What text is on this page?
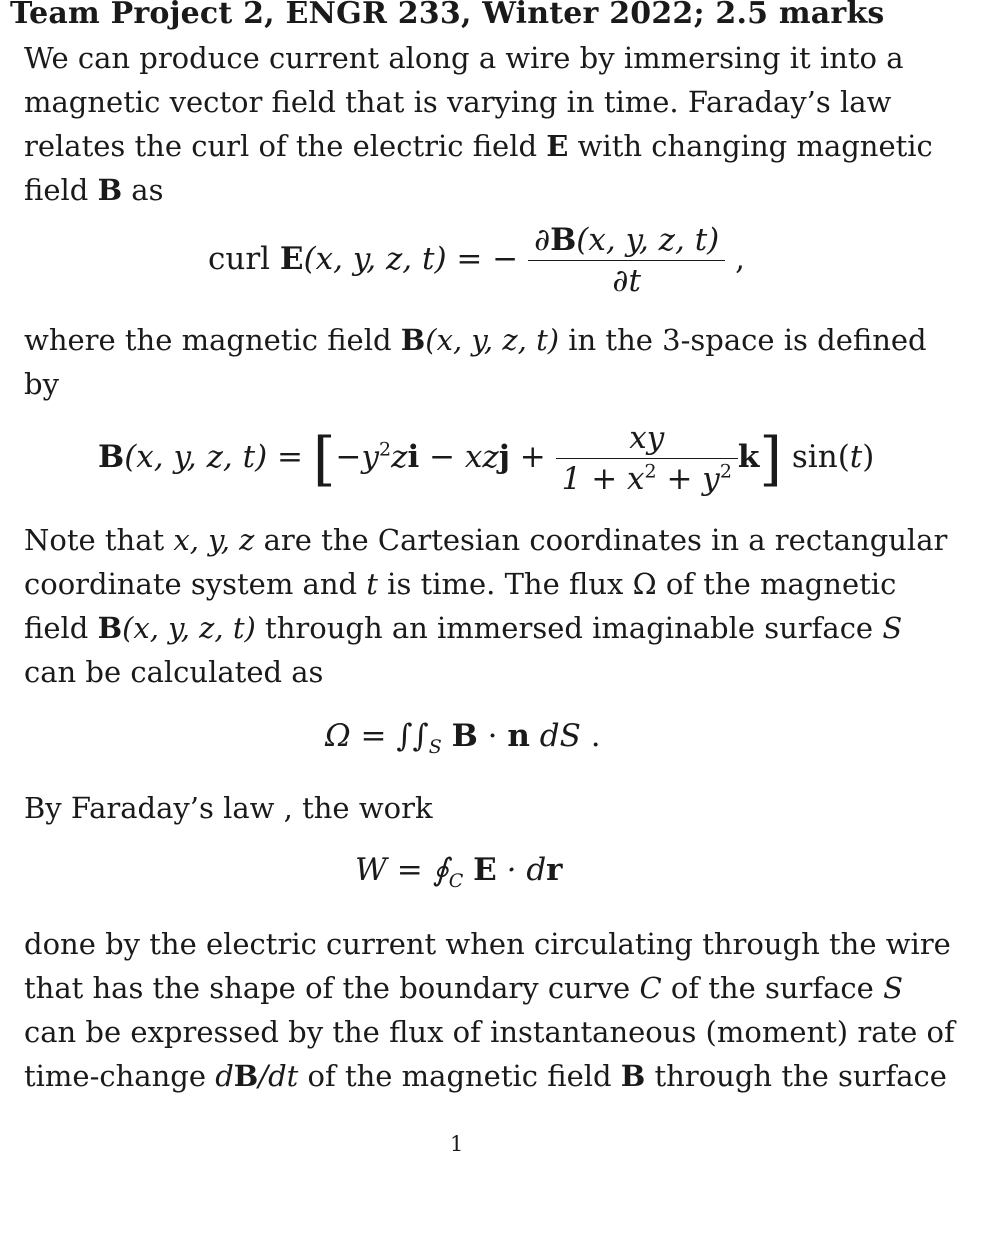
Team Project 2, ENGR 233, Winter 2022; 2.5 marks
We can produce current along a wire by immersing it into a
magnetic vector field that is varying in time. Faraday’s law
relates the curl of the electric field E with changing magnetic
field B as
curl E(x, y, z, t) = − $\frac{\partial B(x, y, z, t)}{\partial t}$ ,
where the magnetic field B(x, y, z, t) in the 3-space is defined
by
B(x, y, z, $t) = [-y^2zi$ − xzj + $\frac{xy}{1 + x^2 + y^2} k$] sin(t)
Note that x, y, z are the Cartesian coordinates in a rectangular
coordinate system and t is time. The flux Ω of the magnetic
field B(x, y, z, t) through an immersed imaginable surface S
can be calculated as
$\Omega = \int\int_S$ B · n dS .
By Faraday’s law , the work
$W = ∮_C$ E · dr
done by the electric current when circulating through the wire
that has the shape of the boundary curve C of the surface S
can be expressed by the flux of instantaneous (moment) rate of
time-change dB/dt of the magnetic field B through the surface
1
